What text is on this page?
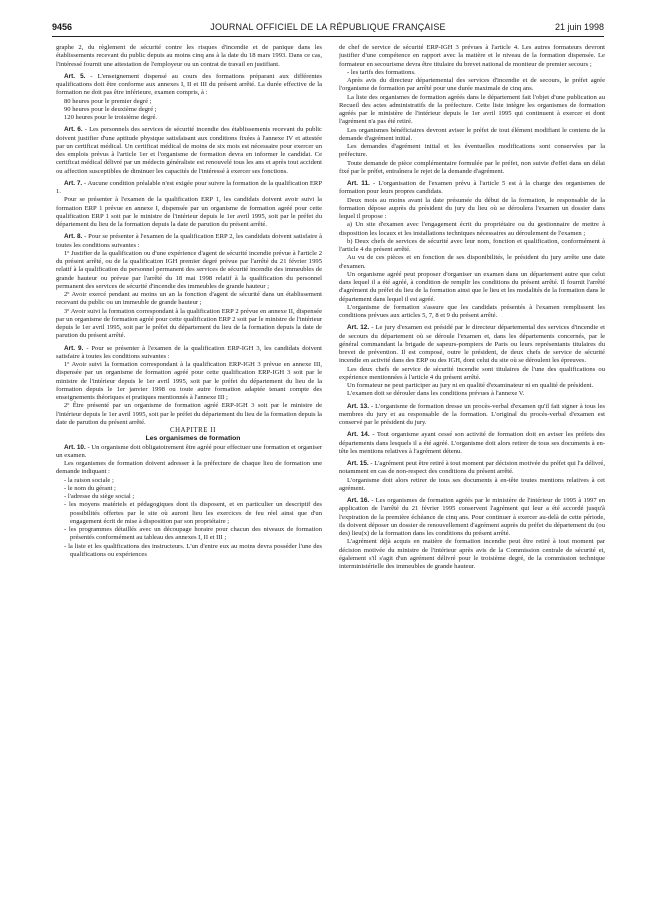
9456	JOURNAL OFFICIEL DE LA RÉPUBLIQUE FRANÇAISE	21 juin 1998

graphe 2, du règlement de sécurité contre les risques d'incendie et de panique dans les établissements recevant du public depuis au moins cinq ans à la date du 18 mars 1993. Dans ce cas, l'intéressé fournit une attestation de l'employeur ou un contrat de travail en justifiant.

Art. 5. - L'enseignement dispensé au cours des formations préparant aux différentes qualifications doit être conforme aux annexes I, II et III du présent arrêté. La durée effective de la formation ne doit pas être inférieure, examen compris, à :

80 heures pour le premier degré ;

90 heures pour le deuxième degré ;

120 heures pour le troisième degré.

Art. 6. - Les personnels des services de sécurité incendie des établissements recevant du public doivent justifier d'une aptitude physique satisfaisant aux conditions fixées à l'annexe IV et attestée par un certificat médical. Un certificat médical de moins de six mois est nécessaire pour exercer un des emplois prévus à l'article 1er et l'organisme de formation devra en informer le candidat. Ce certificat médical délivré par un médecin généraliste est renouvelé tous les ans et après tout accident ou affection susceptibles de diminuer les capacités de l'intéressé à exercer ses fonctions.

Art. 7. - Aucune condition préalable n'est exigée pour suivre la formation de la qualification ERP 1.

Pour se présenter à l'examen de la qualification ERP 1, les candidats doivent avoir suivi la formation ERP 1 prévue en annexe I, dispensée par un organisme de formation agréé pour cette qualification ERP 1 soit par le ministre de l'intérieur depuis le 1er avril 1995, soit par le préfet du département du lieu de la formation depuis la date de parution du présent arrêté.

Art. 8. - Pour se présenter à l'examen de la qualification ERP 2, les candidats doivent satisfaire à toutes les conditions suivantes :

1º Justifier de la qualification ou d'une expérience d'agent de sécurité incendie prévue à l'article 2 du présent arrêté, ou de la qualification IGH premier degré prévue par l'arrêté du 21 février 1995 relatif à la qualification du personnel permanent des services de sécurité incendie des immeubles de grande hauteur ou prévue par l'arrêté du 18 mai 1998 relatif à la qualification du personnel permanent des services de sécurité d'incendie des immeubles de grande hauteur ;

2º Avoir exercé pendant au moins un an la fonction d'agent de sécurité dans un établissement recevant du public ou un immeuble de grande hauteur ;

3º Avoir suivi la formation correspondant à la qualification ERP 2 prévue en annexe II, dispensée par un organisme de formation agréé pour cette qualification ERP 2 soit par le ministre de l'intérieur depuis le 1er avril 1995, soit par le préfet du département du lieu de la formation depuis la date de parution du présent arrêté.

Art. 9. - Pour se présenter à l'examen de la qualification ERP-IGH 3, les candidats doivent satisfaire à toutes les conditions suivantes :

1º Avoir suivi la formation correspondant à la qualification ERP-IGH 3 prévue en annexe III, dispensée par un organisme de formation agréé pour cette qualification ERP-IGH 3 soit par le ministre de l'intérieur depuis le 1er avril 1995, soit par le préfet du département du lieu de la formation depuis le 1er janvier 1998 ou toute autre formation adaptée tenant compte des enseignements théoriques et pratiques mentionnés à l'annexe III ;

2º Être présenté par un organisme de formation agréé ERP-IGH 3 soit par le ministre de l'intérieur depuis le 1er avril 1995, soit par le préfet du département du lieu de la formation depuis la date de parution du présent arrêté.

CHAPITRE II

Les organismes de formation

Art. 10. - Un organisme doit obligatoirement être agréé pour effectuer une formation et organiser un examen.

Les organismes de formation doivent adresser à la préfecture de chaque lieu de formation une demande indiquant :

- la raison sociale ;

- le nom du gérant ;

- l'adresse du siège social ;

- les moyens matériels et pédagogiques dont ils disposent, et en particulier un descriptif des possibilités offertes par le site où auront lieu les exercices de feu réel ainsi que d'un engagement écrit de mise à disposition par son propriétaire ;

- les programmes détaillés avec un découpage horaire pour chacun des niveaux de formation présentés conformément au tableau des annexes I, II et III ;

- la liste et les qualifications des instructeurs. L'un d'entre eux au moins devra posséder l'une des qualifications ou expériences

de chef de service de sécurité ERP-IGH 3 prévues à l'article 4. Les autres formateurs devront justifier d'une compétence en rapport avec la matière et le niveau de la formation dispensée. Le formateur en secourisme devra être titulaire du brevet national de moniteur de premier secours ;

- les tarifs des formations.

Après avis du directeur départemental des services d'incendie et de secours, le préfet agrée l'organisme de formation par arrêté pour une durée maximale de cinq ans.

La liste des organismes de formation agréés dans le département fait l'objet d'une publication au Recueil des actes administratifs de la préfecture. Cette liste intègre les organismes de formation agréés par le ministère de l'intérieur depuis le 1er avril 1995 qui continuent à exercer et dont l'agrément n'a pas été retiré.

Les organismes bénéficiaires devront aviser le préfet de tout élément modifiant le contenu de la demande d'agrément initial.

Les demandes d'agrément initial et les éventuelles modifications sont conservées par la préfecture.

Toute demande de pièce complémentaire formulée par le préfet, non suivie d'effet dans un délai fixé par le préfet, entraînera le rejet de la demande d'agrément.

Art. 11. - L'organisation de l'examen prévu à l'article 5 est à la charge des organismes de formation pour leurs propres candidats.

Deux mois au moins avant la date présumée du début de la formation, le responsable de la formation dépose auprès du président du jury du lieu où se déroulera l'examen un dossier dans lequel il propose :

a) Un site d'examen avec l'engagement écrit du propriétaire ou du gestionnaire de mettre à disposition les locaux et les installations techniques nécessaires au déroulement de l'examen ;

b) Deux chefs de services de sécurité avec leur nom, fonction et qualification, conformément à l'article 4 du présent arrêté.

Au vu de ces pièces et en fonction de ses disponibilités, le président du jury arrête une date d'examen.

Un organisme agréé peut proposer d'organiser un examen dans un département autre que celui dans lequel il a été agréé, à condition de remplir les conditions du présent arrêté. Il fournit l'arrêté d'agrément du préfet du lieu de la formation ainsi que le lieu et les modalités de la formation dans le département dans lequel il est agréé.

L'organisme de formation s'assure que les candidats présentés à l'examen remplissent les conditions prévues aux articles 5, 7, 8 et 9 du présent arrêté.

Art. 12. - Le jury d'examen est présidé par le directeur départemental des services d'incendie et de secours du département où se déroule l'examen et, dans les départements concernés, par le général commandant la brigade de sapeurs-pompiers de Paris ou leurs représentants titulaires du brevet de prévention. Il est composé, outre le président, de deux chefs de service de sécurité incendie en activité dans des ERP ou des IGH, dont celui du site où se déroulent les épreuves.

Les deux chefs de service de sécurité incendie sont titulaires de l'une des qualifications ou expérience mentionnées à l'article 4 du présent arrêté.

Un formateur ne peut participer au jury ni en qualité d'examinateur ni en qualité de président.

L'examen doit se dérouler dans les conditions prévues à l'annexe V.

Art. 13. - L'organisme de formation dresse un procès-verbal d'examen qu'il fait signer à tous les membres du jury et au responsable de la formation. L'original du procès-verbal d'examen est conservé par le président du jury.

Art. 14. - Tout organisme ayant cessé son activité de formation doit en aviser les préfets des départements dans lesquels il a été agréé. L'organisme doit alors retirer de tous ses documents à en-tête les mentions relatives à l'agrément détenu.

Art. 15. - L'agrément peut être retiré à tout moment par décision motivée du préfet qui l'a délivré, notamment en cas de non-respect des conditions du présent arrêté.

L'organisme doit alors retirer de tous ses documents à en-tête toutes mentions relatives à cet agrément.

Art. 16. - Les organismes de formation agréés par le ministère de l'intérieur de 1995 à 1997 en application de l'arrêté du 21 février 1995 conservent l'agrément qui leur a été accordé jusqu'à l'expiration de la première échéance de cinq ans. Pour continuer à exercer au-delà de cette période, ils doivent déposer un dossier de renouvellement d'agrément auprès du préfet du département du (ou des) lieu(x) de la formation dans les conditions du présent arrêté.

L'agrément déjà acquis en matière de formation incendie peut être retiré à tout moment par décision motivée du ministre de l'intérieur après avis de la Commission centrale de sécurité et, également s'il s'agit d'un agrément délivré pour le troisième degré, de la commission technique interministérielle des immeubles de grande hauteur.
